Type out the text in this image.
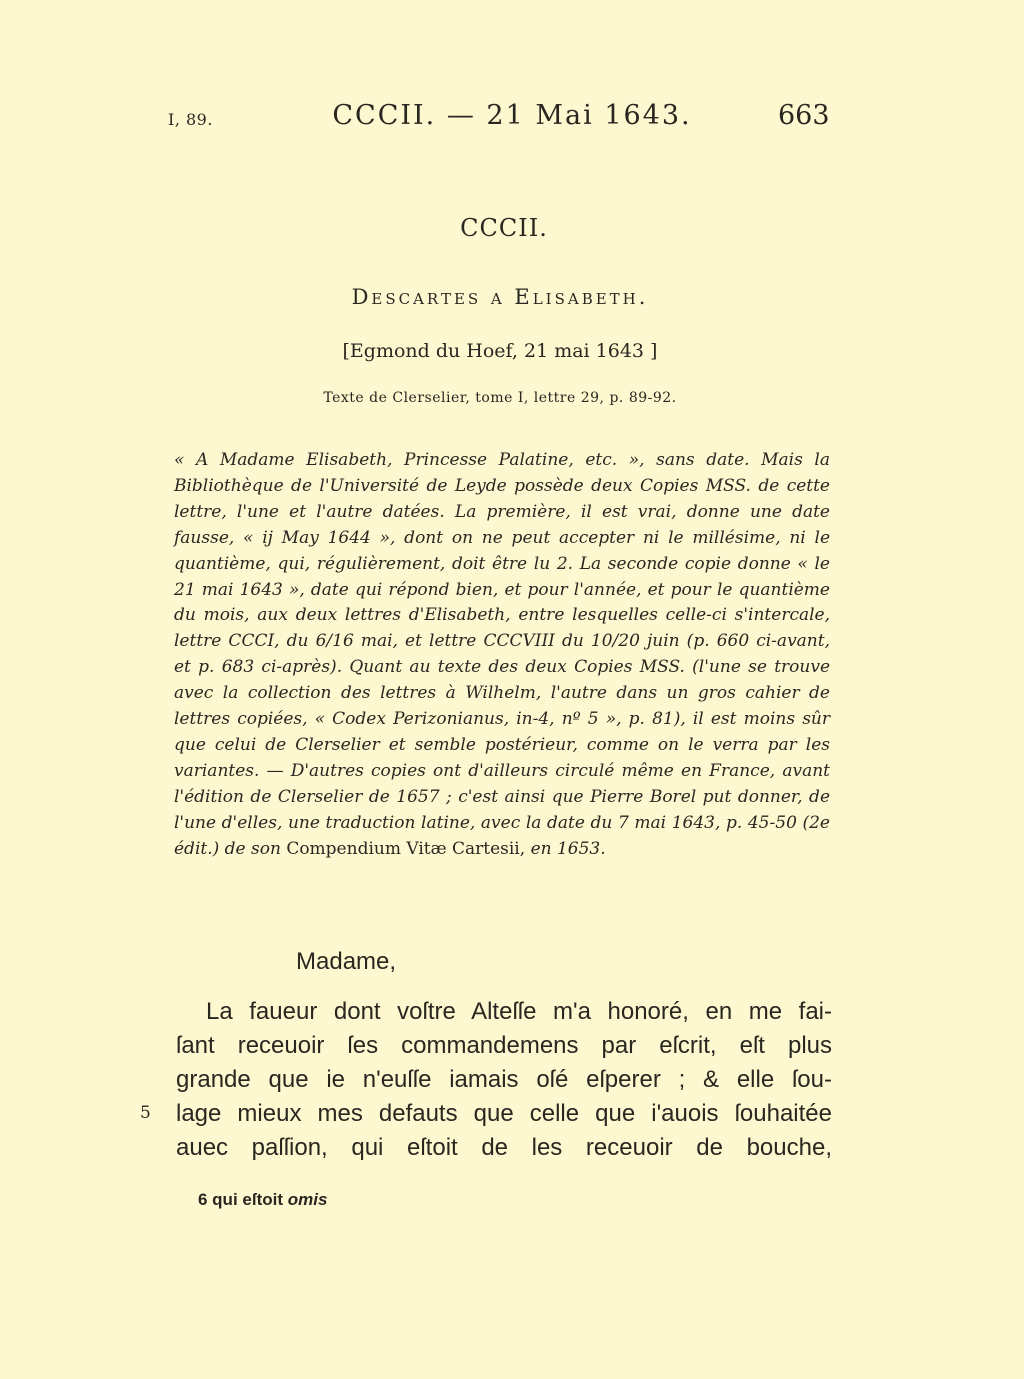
I, 89.	CCCII. — 21 Mai 1643.	663
CCCII.
Descartes a Elisabeth.
[Egmond du Hoef, 21 mai 1643 ]
Texte de Clerselier, tome I, lettre 29, p. 89-92.

« A Madame Elisabeth, Princesse Palatine, etc. », sans date. Mais la Bibliothèque de l'Université de Leyde possède deux Copies MSS. de cette lettre, l'une et l'autre datées. La première, il est vrai, donne une date fausse, « ij May 1644 », dont on ne peut accepter ni le millésime, ni le quantième, qui, régulièrement, doit être lu 2. La seconde copie donne « le 21 mai 1643 », date qui répond bien, et pour l'année, et pour le quantième du mois, aux deux lettres d'Elisabeth, entre lesquelles celle-ci s'intercale, lettre CCCI, du 6/16 mai, et lettre CCCVIII du 10/20 juin (p. 660 ci-avant, et p. 683 ci-après). Quant au texte des deux Copies MSS. (l'une se trouve avec la collection des lettres à Wilhelm, l'autre dans un gros cahier de lettres copiées, « Codex Perizonianus, in-4, nº 5 », p. 81), il est moins sûr que celui de Clerselier et semble postérieur, comme on le verra par les variantes. — D'autres copies ont d'ailleurs circulé même en France, avant l'édition de Clerselier de 1657 ; c'est ainsi que Pierre Borel put donner, de l'une d'elles, une traduction latine, avec la date du 7 mai 1643, p. 45-50 (2e édit.) de son Compendium Vitæ Cartesii, en 1653.

Madame,
La faueur dont voſtre Alteſſe m'a honoré, en me fai-
ſant receuoir ſes commandemens par eſcrit, eſt plus
grande que ie n'euſſe iamais oſé eſperer ; & elle ſou-
lage mieux mes defauts que celle que i'auois ſouhaitée
auec paſſion, qui eſtoit de les receuoir de bouche,
5
6 qui eſtoit omis
